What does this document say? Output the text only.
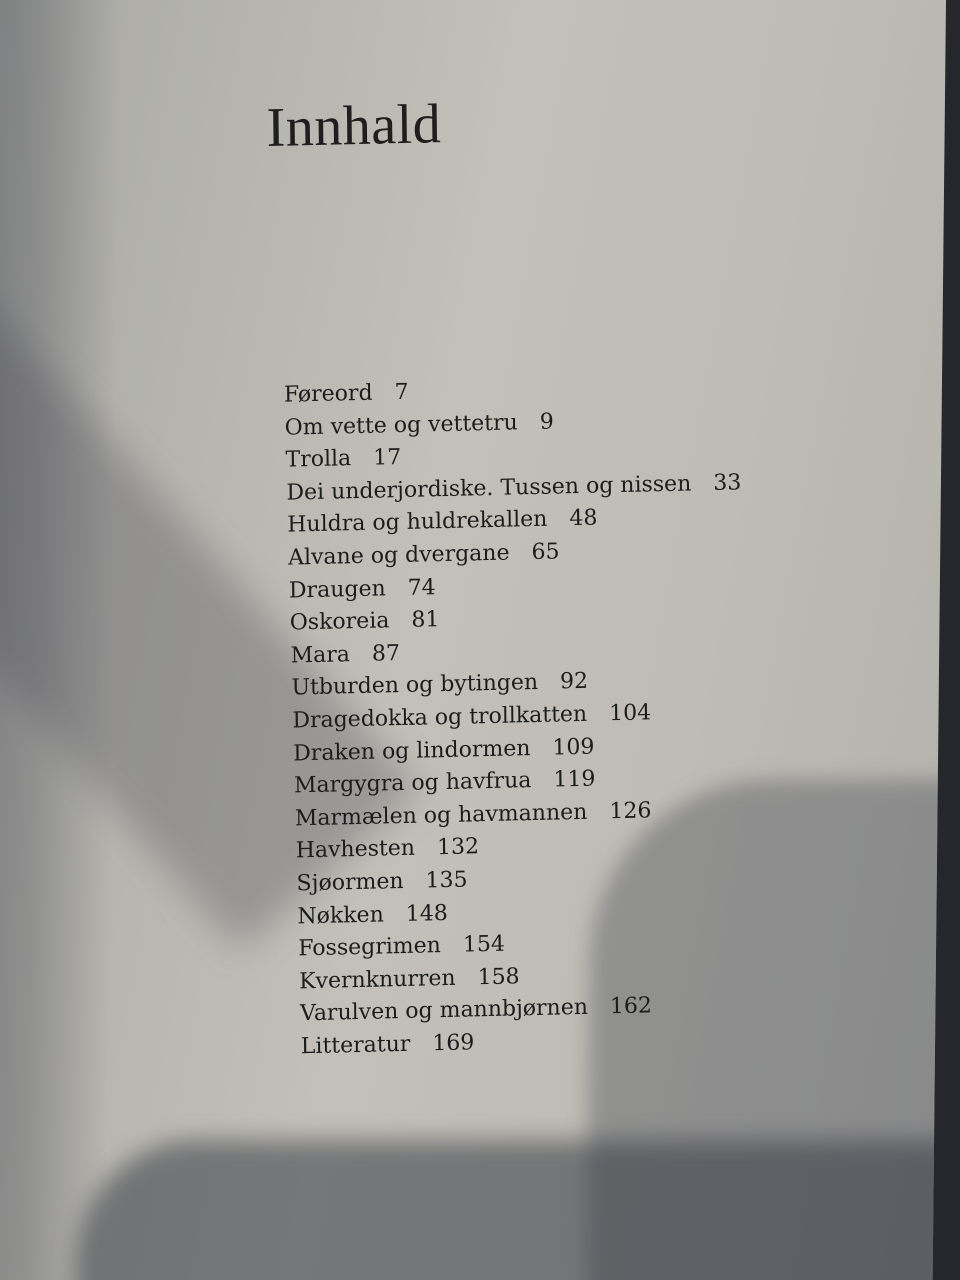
Innhald
Føreord 7
Om vette og vettetru 9
Trolla 17
Dei underjordiske. Tussen og nissen 33
Huldra og huldrekallen 48
Alvane og dvergane 65
Draugen 74
Oskoreia 81
Mara 87
Utburden og bytingen 92
Dragedokka og trollkatten 104
Draken og lindormen 109
Margygra og havfrua 119
Marmælen og havmannen 126
Havhesten 132
Sjøormen 135
Nøkken 148
Fossegrimen 154
Kvernknurren 158
Varulven og mannbjørnen 162
Litteratur 169
